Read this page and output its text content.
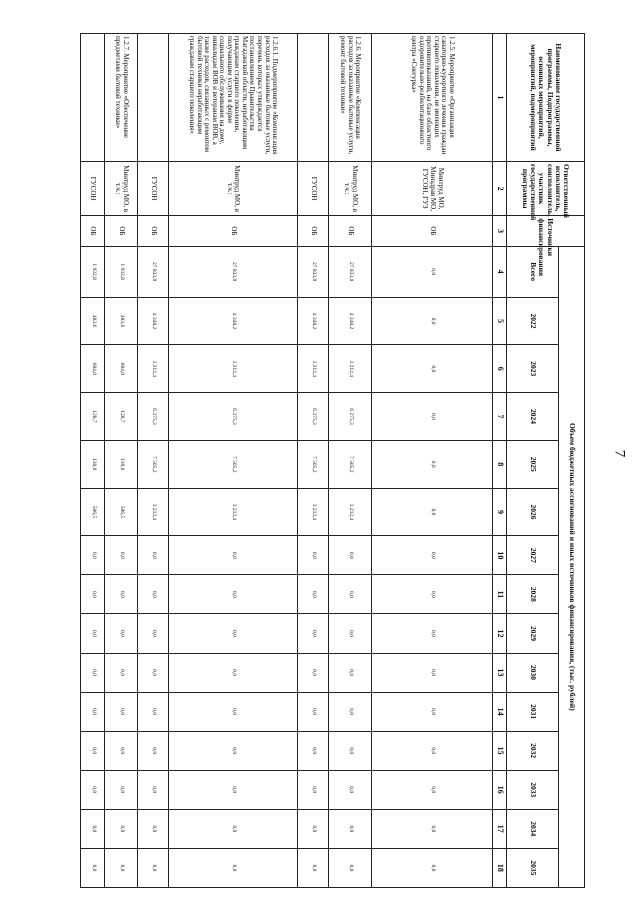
7
Наименование государственной программы, Подпрограммы, основных мероприятий, мероприятий, подмероприятий	Ответственный исполнитель, соисполнитель, участник государственной программы	Источники финансирования	Объем бюджетных ассигнований и иных источников финансирования, (тыс. рублей)														
			Всего	2022	2023	2024	2025	2026	2027	2028	2029	2030	2031	2032	2033	2034	2035
1	2	3	4	5	6	7	8	9	10	11	12	13	14	15	16	17	18
1.2.5. Мероприятие «Организация санаторно-курортного лечения граждан старшего поколения, не имеющих противопоказаний, на базе областного оздоровительно-реабилитационного центра «Снегурка»	Минтруд МО, Минздрав МО, ГУСОН, ГУЗ	ОБ	0,0	0,0	0,0	0,0	0,0	0,0	0,0	0,0	0,0	0,0	0,0	0,0	0,0	0,0	0,0
1.2.6. Мероприятие «Компенсация расходов за оказанные бытовые услуги, ремонт бытовой техники»	Минтруд МО, в т.ч.:	ОБ	27 833,0	4 348,2	3 212,4	6 275,3	7 505,2	3 212,4	0,0	0,0	0,0	0,0	0,0	0,0	0,0	0,0	0,0
	ГУСОН	ОБ	27 833,0	4 348,2	3 212,4	6 275,3	7 505,2	3 212,4	0,0	0,0	0,0	0,0	0,0	0,0	0,0	0,0	0,0
1.2.6.1. Подмероприятие «Компенсация расходов за оказанные бытовые услуги, перечень которых утверждается постановлением Правительства Магаданской области, неработающим гражданам старшего поколения, получающим услуги в форме социального обслуживания на дому, инвалидам ВОВ и ветеранам ВОВ, а также расходов, связанных с ремонтом бытовой техники неработающим гражданам старшего поколения»	Минтруд МО, в т.ч.:	ОБ	27 833,0	4 348,2	3 212,4	6 275,3	7 505,2	3 212,4	0,0	0,0	0,0	0,0	0,0	0,0	0,0	0,0	0,0
	ГУСОН	ОБ	27 833,0	4 348,2	3 212,4	6 275,3	7 505,2	3 212,4	0,0	0,0	0,0	0,0	0,0	0,0	0,0	0,0	0,0
1.2.7. Мероприятие «Обеспечение предметами бытовой техники»	Минтруд МО, в т.ч.:	ОБ	1 932,8	483,6	684,0	128,7	130,0	506,5	0,0	0,0	0,0	0,0	0,0	0,0	0,0	0,0	0,0
	ГУСОН	ОБ	1 932,8	483,6	684,0	128,7	130,0	506,5	0,0	0,0	0,0	0,0	0,0	0,0	0,0	0,0	0,0
